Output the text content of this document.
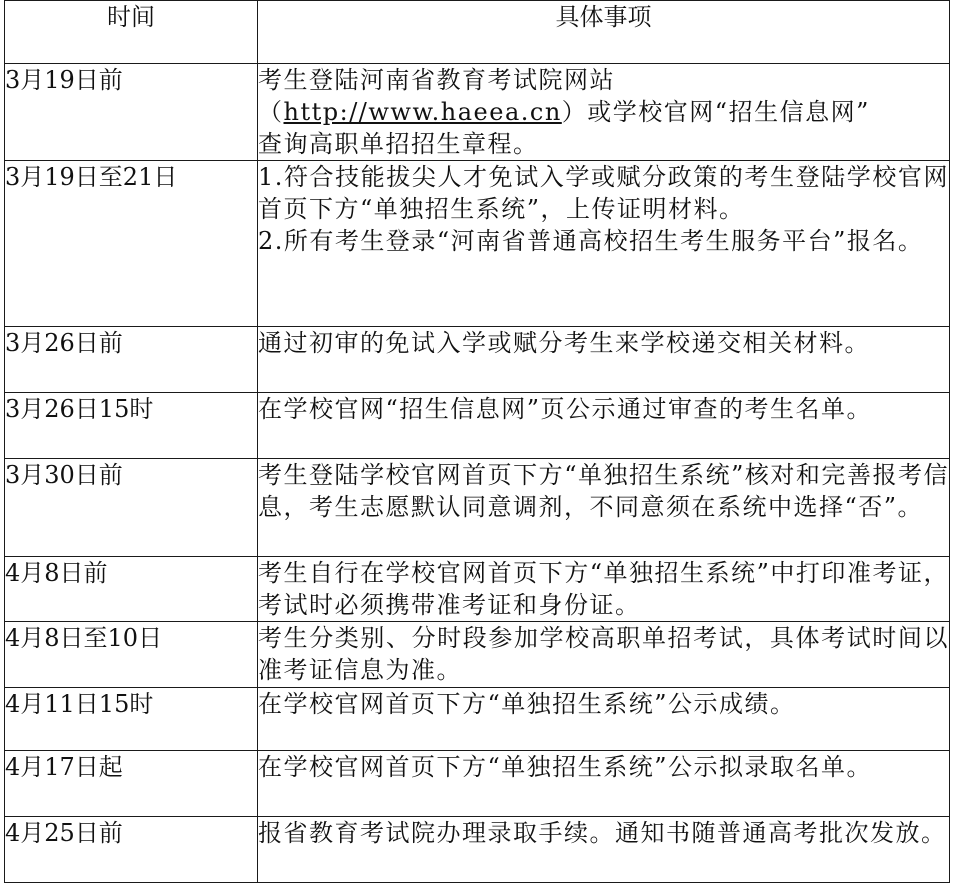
时间	具体事项
3月19日前	考生登陆河南省教育考试院网站
（http://www.haeea.cn）或学校官网“招生信息网”
查询高职单招招生章程。

3月19日至21日	1.符合技能拔尖人才免试入学或赋分政策的考生登陆学校官网首页下方“单独招生系统”，上传证明材料。
2.所有考生登录“河南省普通高校招生考生服务平台”报名。

3月26日前	通过初审的免试入学或赋分考生来学校递交相关材料。

3月26日15时	在学校官网“招生信息网”页公示通过审查的考生名单。

3月30日前	考生登陆学校官网首页下方“单独招生系统”核对和完善报考信息，考生志愿默认同意调剂，不同意须在系统中选择“否”。

4月8日前	考生自行在学校官网首页下方“单独招生系统”中打印准考证，考试时必须携带准考证和身份证。

4月8日至10日	考生分类别、分时段参加学校高职单招考试，具体考试时间以准考证信息为准。

4月11日15时	在学校官网首页下方“单独招生系统”公示成绩。

4月17日起	在学校官网首页下方“单独招生系统”公示拟录取名单。

4月25日前	报省教育考试院办理录取手续。通知书随普通高考批次发放。
